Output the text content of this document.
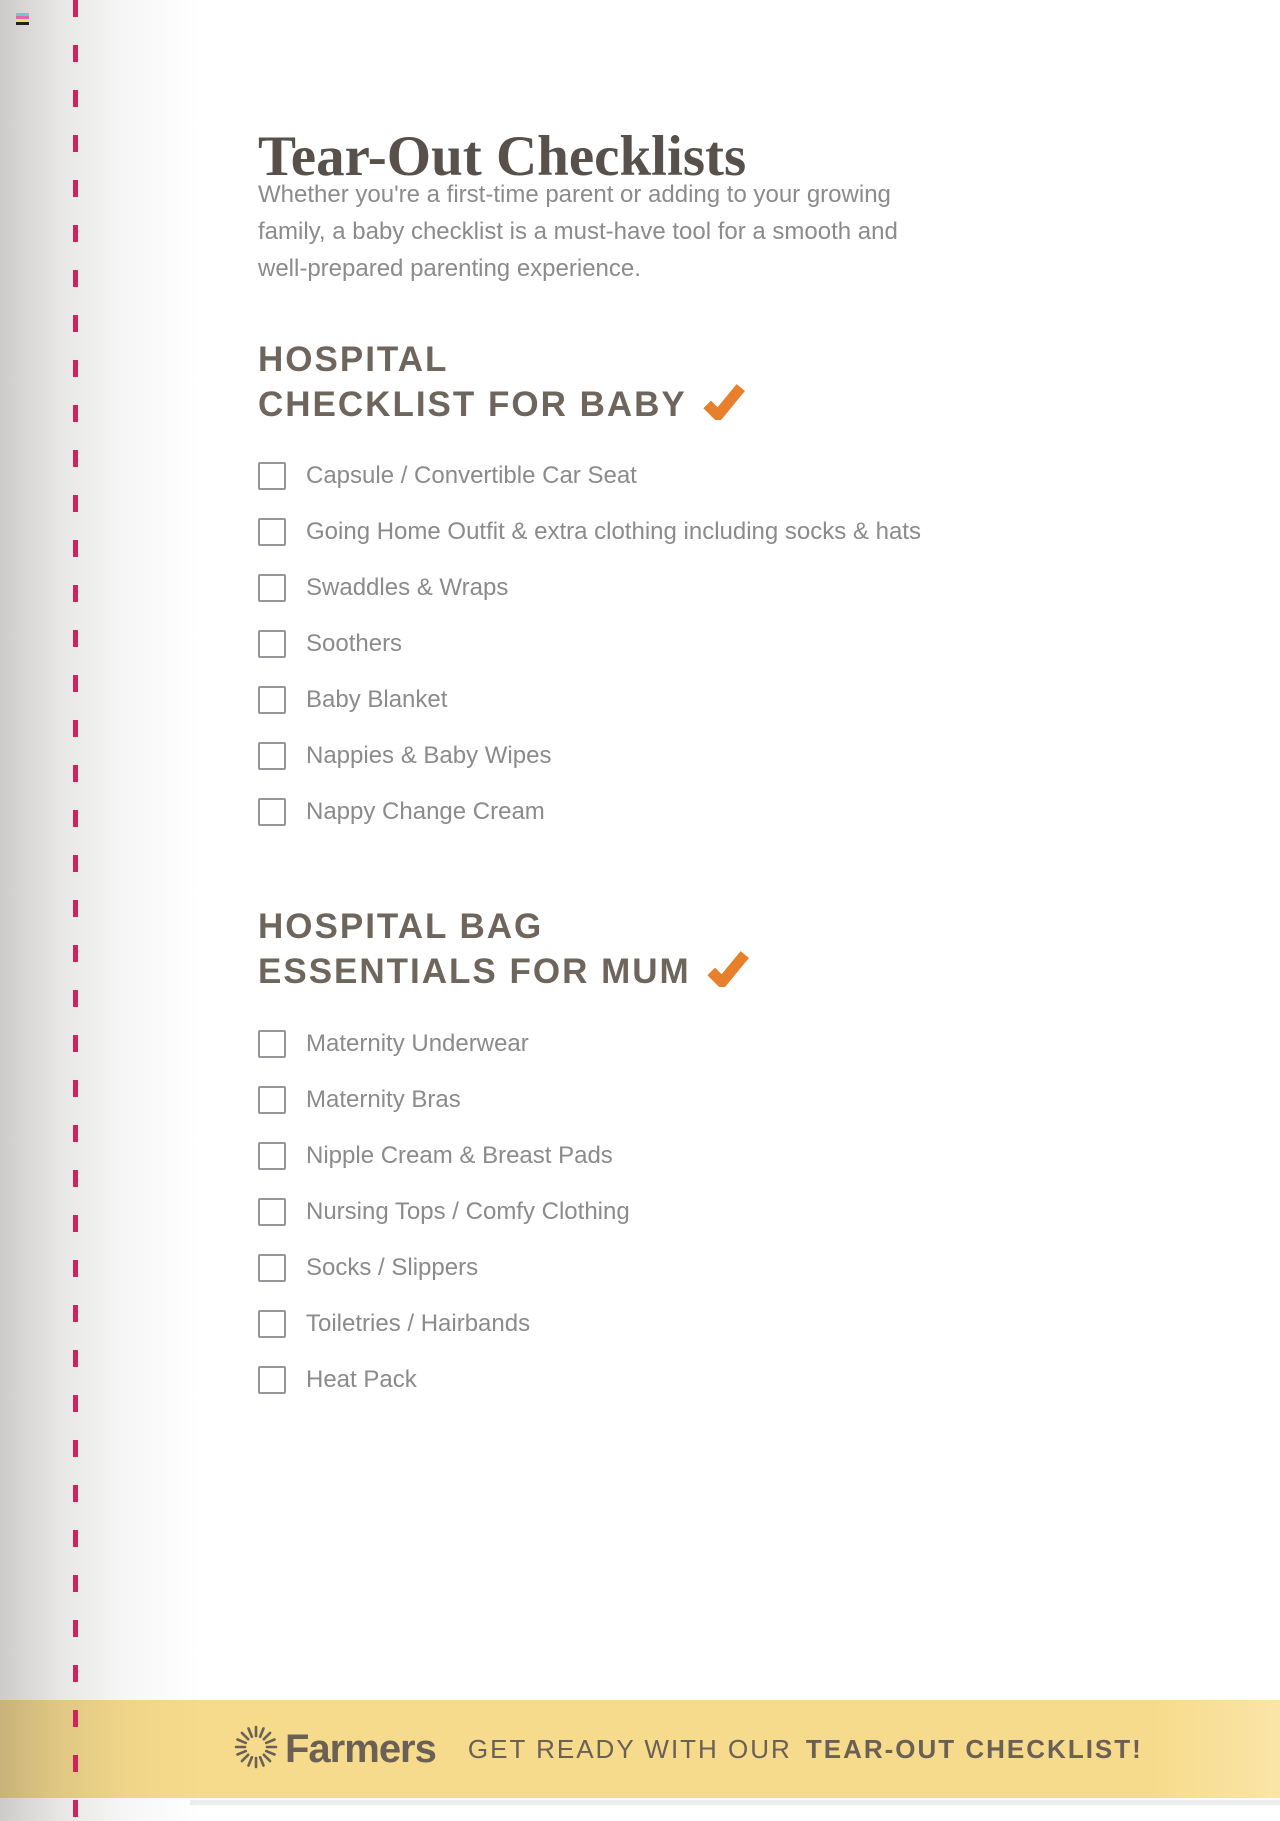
Tear-Out Checklists
Whether you're a first-time parent or adding to your growing
family, a baby checklist is a must-have tool for a smooth and
well-prepared parenting experience.
HOSPITAL
CHECKLIST FOR BABY
Capsule / Convertible Car Seat
Going Home Outfit & extra clothing including socks & hats
Swaddles & Wraps
Soothers
Baby Blanket
Nappies & Baby Wipes
Nappy Change Cream
HOSPITAL BAG
ESSENTIALS FOR MUM
Maternity Underwear
Maternity Bras
Nipple Cream & Breast Pads
Nursing Tops / Comfy Clothing
Socks / Slippers
Toiletries / Hairbands
Heat Pack
Farmers GET READY WITH OUR TEAR-OUT CHECKLIST!
